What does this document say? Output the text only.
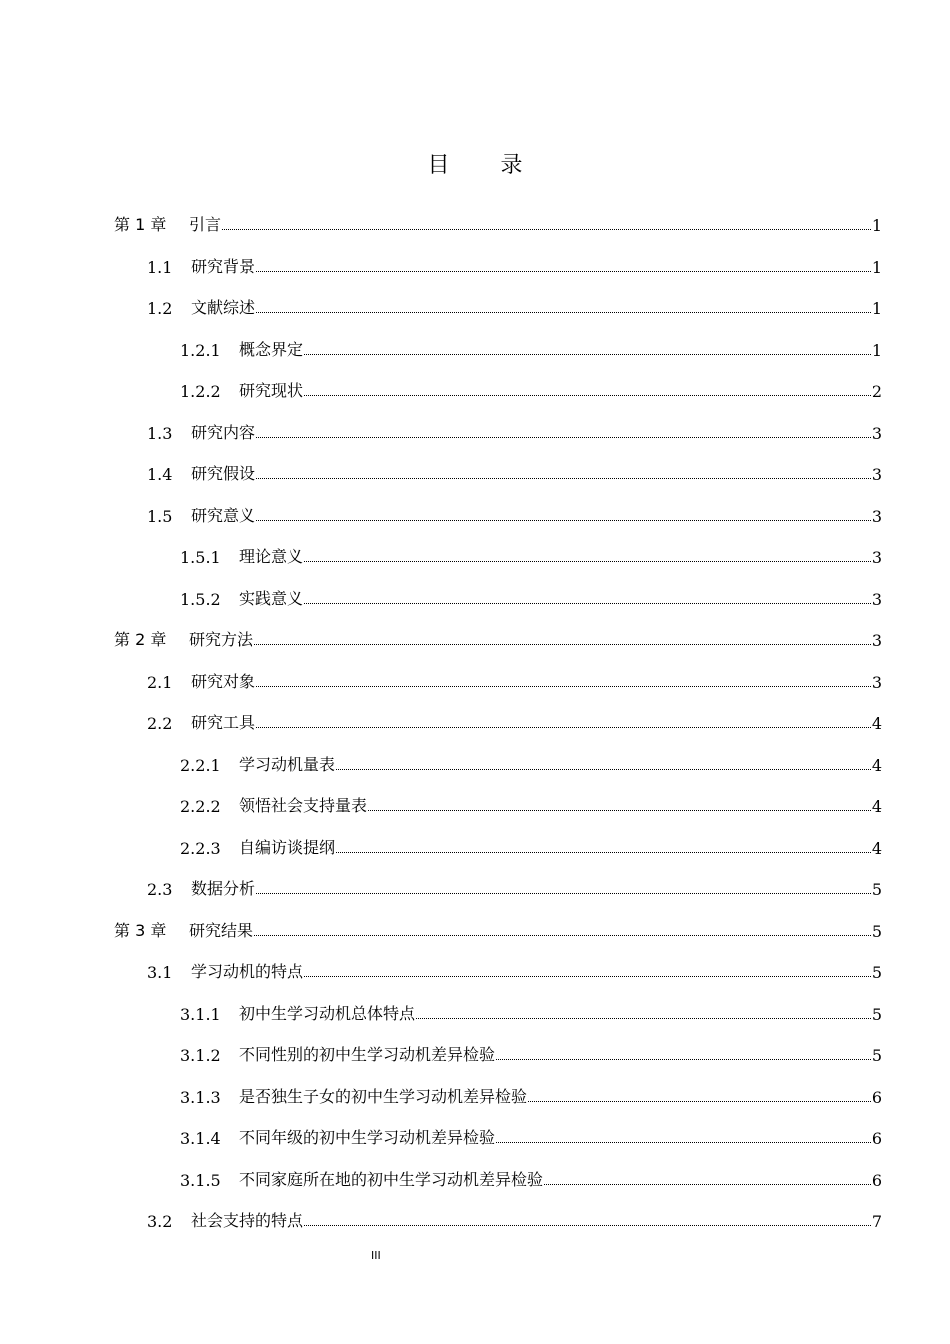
目 录
第 1 章	引言	1
1.1	研究背景	1
1.2	文献综述	1
1.2.1	概念界定	1
1.2.2	研究现状	2
1.3	研究内容	3
1.4	研究假设	3
1.5	研究意义	3
1.5.1	理论意义	3
1.5.2	实践意义	3
第 2 章	研究方法	3
2.1	研究对象	3
2.2	研究工具	4
2.2.1	学习动机量表	4
2.2.2	领悟社会支持量表	4
2.2.3	自编访谈提纲	4
2.3	数据分析	5
第 3 章	研究结果	5
3.1	学习动机的特点	5
3.1.1	初中生学习动机总体特点	5
3.1.2	不同性别的初中生学习动机差异检验	5
3.1.3	是否独生子女的初中生学习动机差异检验	6
3.1.4	不同年级的初中生学习动机差异检验	6
3.1.5	不同家庭所在地的初中生学习动机差异检验	6
3.2	社会支持的特点	7
III
